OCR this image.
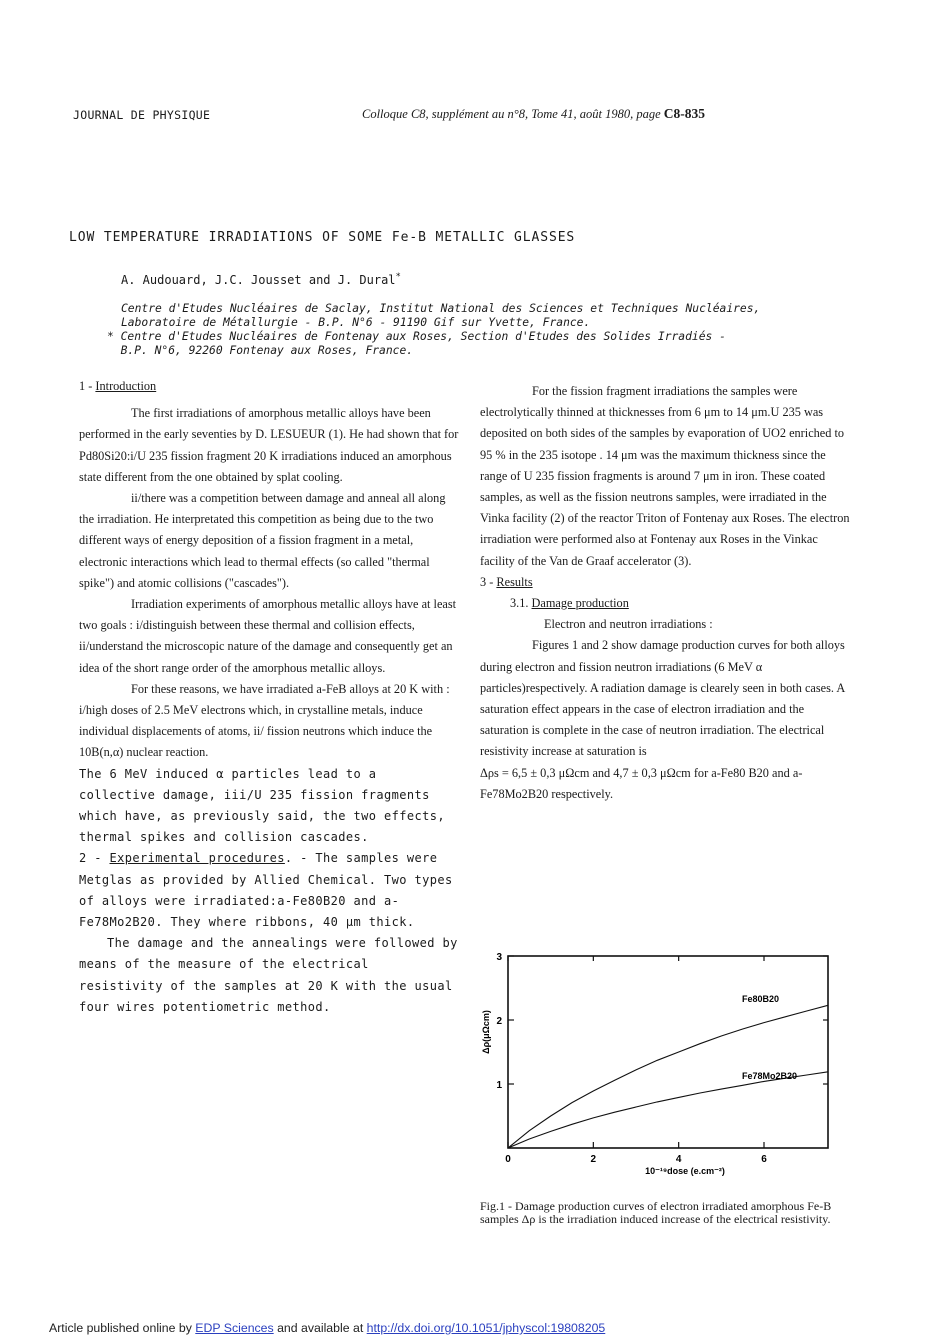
JOURNAL DE PHYSIQUE	Colloque C8, supplément au n°8, Tome 41, août 1980, page C8-835
LOW TEMPERATURE IRRADIATIONS OF SOME Fe-B METALLIC GLASSES
A. Audouard, J.C. Jousset and J. Dural*
Centre d'Etudes Nucléaires de Saclay, Institut National des Sciences et Techniques Nucléaires,
Laboratoire de Métallurgie - B.P. N°6 - 91190 Gif sur Yvette, France.
* Centre d'Etudes Nucléaires de Fontenay aux Roses, Section d'Etudes des Solides Irradiés -
B.P. N°6, 92260 Fontenay aux Roses, France.

1 - Introduction

The first irradiations of amorphous metallic alloys have been performed in the early seventies by D. LESUEUR (1). He had shown that for Pd80Si20:i/U 235 fission fragment 20 K irradiations induced an amorphous state different from the one obtained by splat cooling.

ii/there was a competition between damage and anneal all along the irradiation. He interpretated this competition as being due to the two different ways of energy deposition of a fission fragment in a metal, electronic interactions which lead to thermal effects (so called "thermal spike") and atomic collisions ("cascades").

Irradiation experiments of amorphous metallic alloys have at least two goals : i/distinguish between these thermal and collision effects, ii/understand the microscopic nature of the damage and consequently get an idea of the short range order of the amorphous metallic alloys.

For these reasons, we have irradiated a-FeB alloys at 20 K with : i/high doses of 2.5 MeV electrons which, in crystalline metals, induce individual displacements of atoms, ii/ fission neutrons which induce the 10B(n,α) nuclear reaction.

The 6 MeV induced α particles lead to a collective damage, iii/U 235 fission fragments which have, as previously said, the two effects, thermal spikes and collision cascades.

2 - Experimental procedures. - The samples were Metglas as provided by Allied Chemical. Two types of alloys were irradiated:a-Fe80B20 and a-Fe78Mo2B20. They where ribbons, 40 μm thick.

The damage and the annealings were followed by means of the measure of the electrical resistivity of the samples at 20 K with the usual four wires potentiometric method.

For the fission fragment irradiations the samples were electrolytically thinned at thicknesses from 6 μm to 14 μm.U 235 was deposited on both sides of the samples by evaporation of UO2 enriched to 95 % in the 235 isotope . 14 μm was the maximum thickness since the range of U 235 fission fragments is around 7 μm in iron. These coated samples, as well as the fission neutrons samples, were irradiated in the Vinka facility (2) of the reactor Triton of Fontenay aux Roses. The electron irradiation were performed also at Fontenay aux Roses in the Vinkac facility of the Van de Graaf accelerator (3).

3 - Results

3.1. Damage production

Electron and neutron irradiations :

Figures 1 and 2 show damage production curves for both alloys during electron and fission neutron irradiations (6 MeV α particles)respectively. A radiation damage is clearely seen in both cases. A saturation effect appears in the case of electron irradiation and the saturation is complete in the case of neutron irradiation. The electrical resistivity increase at saturation is

Δρs = 6,5 ± 0,3 μΩcm and 4,7 ± 0,3 μΩcm for a-Fe80 B20 and a-Fe78Mo2B20 respectively.

0	2	4	6
1
2
3
10⁻¹⁹dose (e.cm⁻²)
Δρ(μΩcm)
Fe80B20
Fe78Mo2B20
Fig.1 - Damage production curves of electron irradiated amorphous Fe-B samples Δρ is the irradiation induced increase of the electrical resistivity.
Article published online by EDP Sciences and available at http://dx.doi.org/10.1051/jphyscol:19808205
